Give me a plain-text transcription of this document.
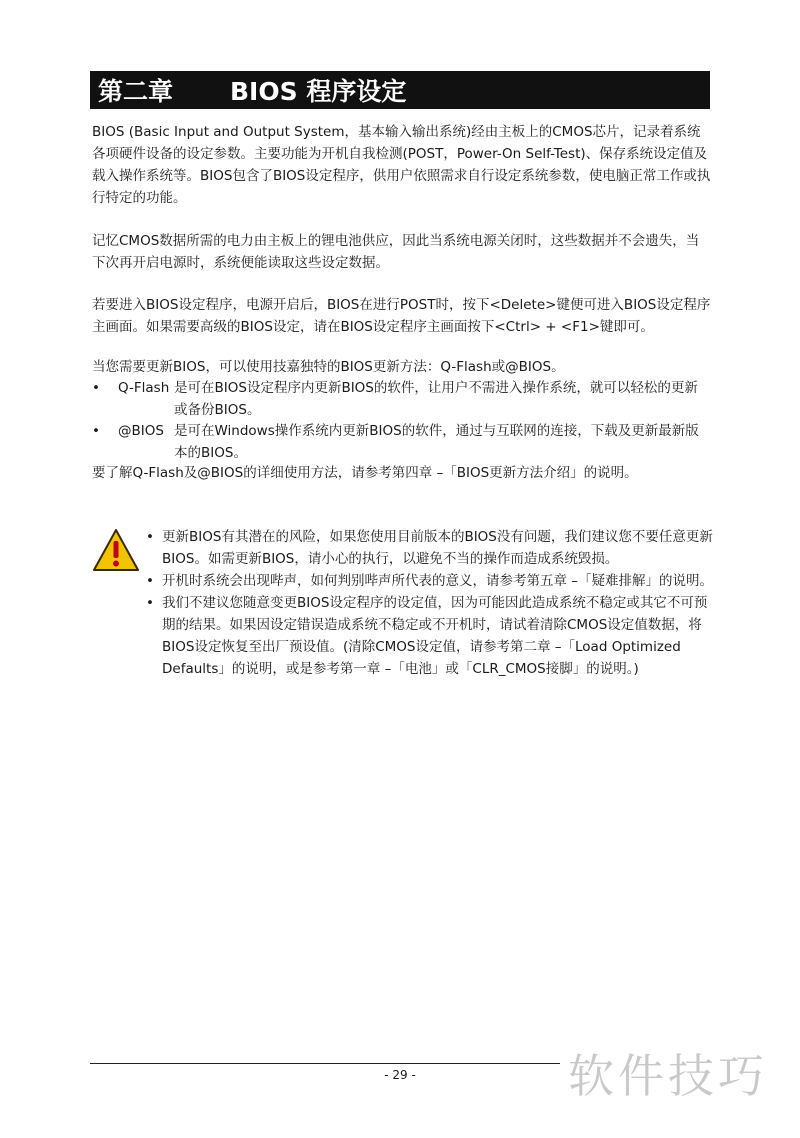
第二章	BIOS 程序设定

BIOS (Basic Input and Output System，基本输入输出系统)经由主板上的CMOS芯片，记录着系统各项硬件设备的设定参数。主要功能为开机自我检测(POST，Power-On Self-Test)、保存系统设定值及载入操作系统等。BIOS包含了BIOS设定程序，供用户依照需求自行设定系统参数，使电脑正常工作或执行特定的功能。

记忆CMOS数据所需的电力由主板上的锂电池供应，因此当系统电源关闭时，这些数据并不会遗失，当下次再开启电源时，系统便能读取这些设定数据。

若要进入BIOS设定程序，电源开启后，BIOS在进行POST时，按下<Delete>键便可进入BIOS设定程序主画面。如果需要高级的BIOS设定，请在BIOS设定程序主画面按下<Ctrl> + <F1>键即可。

当您需要更新BIOS，可以使用技嘉独特的BIOS更新方法：Q-Flash或@BIOS。

• Q-Flash 是可在BIOS设定程序内更新BIOS的软件，让用户不需进入操作系统，就可以轻松的更新或备份BIOS。
• @BIOS 是可在Windows操作系统内更新BIOS的软件，通过与互联网的连接，下载及更新最新版本的BIOS。

要了解Q-Flash及@BIOS的详细使用方法，请参考第四章 –「BIOS更新方法介绍」的说明。

• 更新BIOS有其潜在的风险，如果您使用目前版本的BIOS没有问题，我们建议您不要任意更新BIOS。如需更新BIOS，请小心的执行，以避免不当的操作而造成系统毁损。
• 开机时系统会出现哔声，如何判别哔声所代表的意义，请参考第五章 –「疑难排解」的说明。
• 我们不建议您随意变更BIOS设定程序的设定值，因为可能因此造成系统不稳定或其它不可预期的结果。如果因设定错误造成系统不稳定或不开机时，请试着清除CMOS设定值数据，将BIOS设定恢复至出厂预设值。(清除CMOS设定值，请参考第二章 –「Load Optimized Defaults」的说明，或是参考第一章 –「电池」或「CLR_CMOS接脚」的说明。)
- 29 -	软件技巧
